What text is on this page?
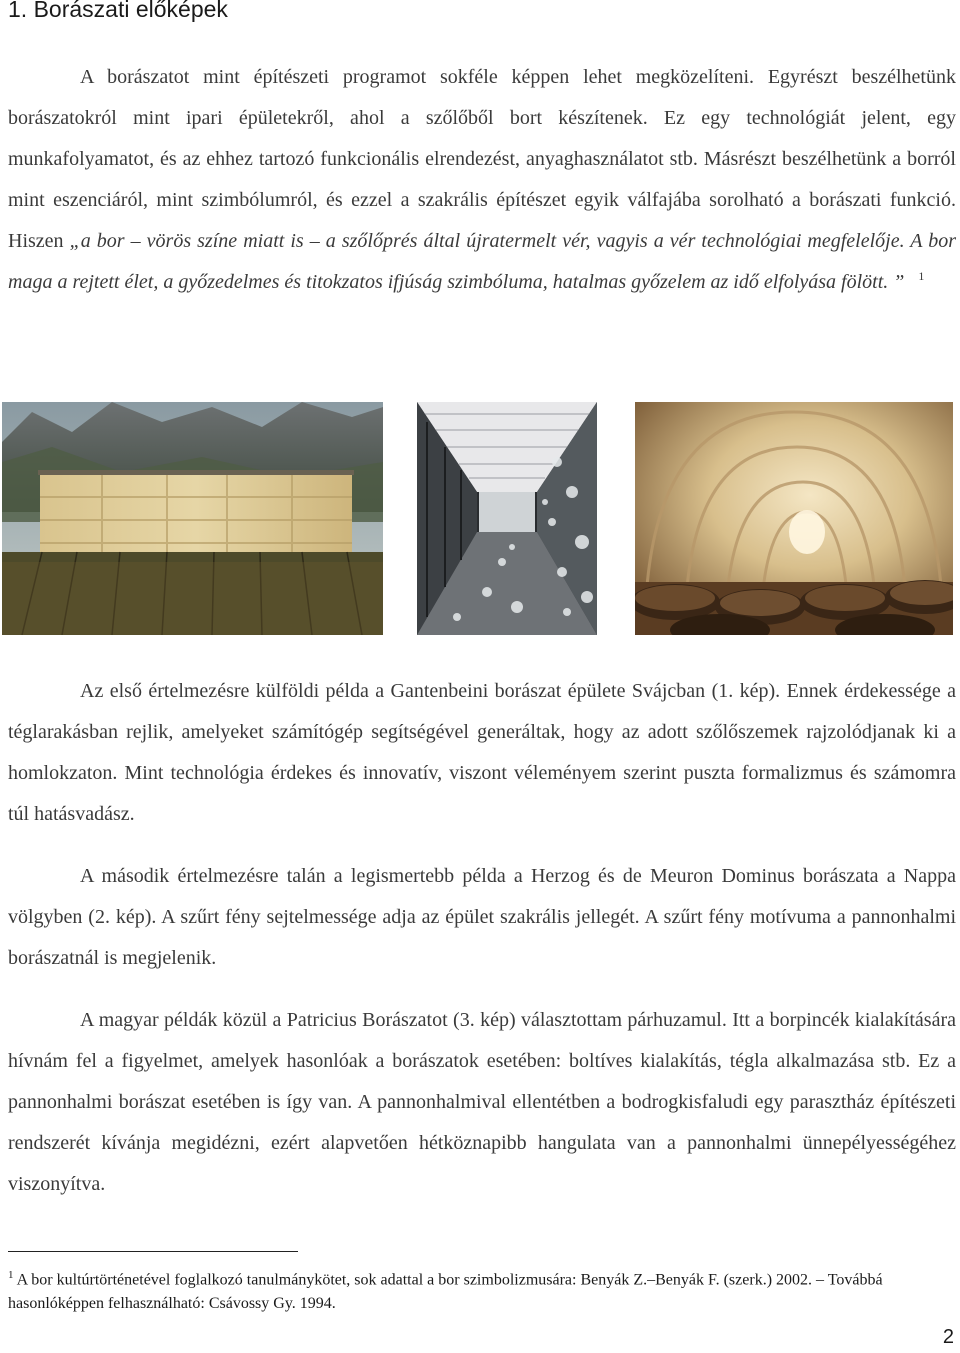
1. Borászati előképek

A borászatot mint építészeti programot sokféle képpen lehet megközelíteni. Egyrészt beszélhetünk borászatokról mint ipari épületekről, ahol a szőlőből bort készítenek. Ez egy technológiát jelent, egy munkafolyamatot, és az ehhez tartozó funkcionális elrendezést, anyaghasználatot stb. Másrészt beszélhetünk a borról mint eszenciáról, mint szimbólumról, és ezzel a szakrális építészet egyik válfajába sorolható a borászati funkció. Hiszen „a bor – vörös színe miatt is – a szőlőprés által újratermelt vér, vagyis a vér technológiai megfelelője. A bor maga a rejtett élet, a győzedelmes és titokzatos ifjúság szimbóluma, hatalmas győzelem az idő elfolyása fölött. ” $^1$

Az első értelmezésre külföldi példa a Gantenbeini borászat épülete Svájcban (1. kép). Ennek érdekessége a téglarakásban rejlik, amelyeket számítógép segítségével generáltak, hogy az adott szőlőszemek rajzolódjanak ki a homlokzaton. Mint technológia érdekes és innovatív, viszont véleményem szerint puszta formalizmus és számomra túl hatásvadász.

A második értelmezésre talán a legismertebb példa a Herzog és de Meuron Dominus borászata a Nappa völgyben (2. kép). A szűrt fény sejtelmessége adja az épület szakrális jellegét. A szűrt fény motívuma a pannonhalmi borászatnál is megjelenik.

A magyar példák közül a Patricius Borászatot (3. kép) választottam párhuzamul. Itt a borpincék kialakítására hívnám fel a figyelmet, amelyek hasonlóak a borászatok esetében: boltíves kialakítás, tégla alkalmazása stb. Ez a pannonhalmi borászat esetében is így van. A pannonhalmival ellentétben a bodrogkisfaludi egy parasztház építészeti rendszerét kívánja megidézni, ezért alapvetően hétköznapibb hangulata van a pannonhalmi ünnepélyességéhez viszonyítva.

$^1$ A bor kultúrtörténetével foglalkozó tanulmánykötet, sok adattal a bor szimbolizmusára: Benyák Z.–Benyák F. (szerk.) 2002. – Továbbá hasonlóképpen felhasználható: Csávossy Gy. 1994.

2
